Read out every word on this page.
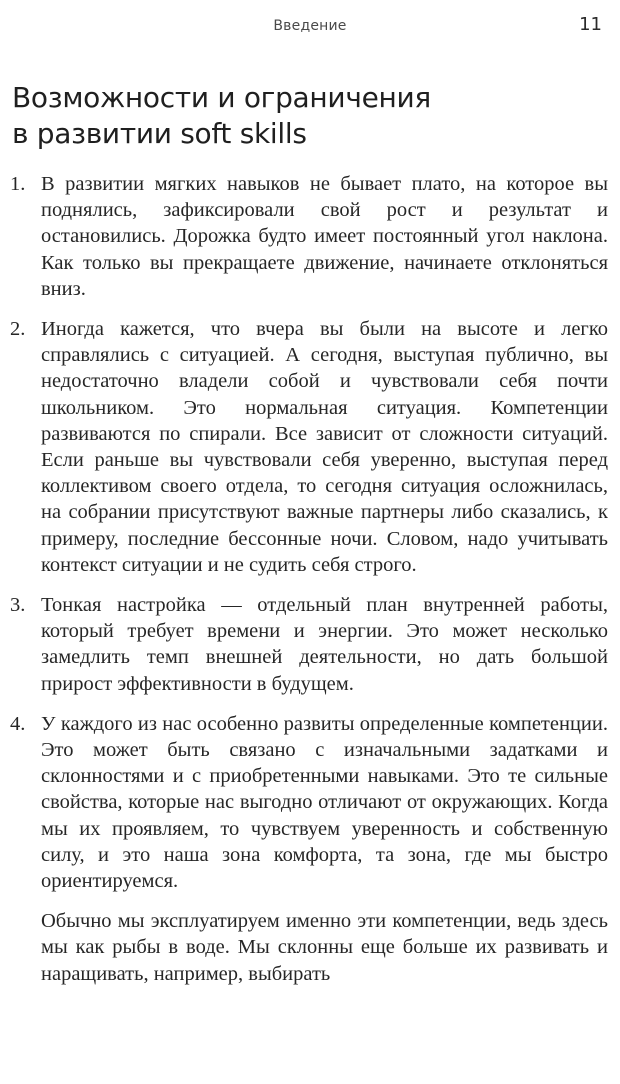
Введение	11
Возможности и ограничения
в развитии soft skills
1. В развитии мягких навыков не бывает плато, на которое вы поднялись, зафиксировали свой рост и результат и остановились. Дорожка будто имеет постоянный угол наклона. Как только вы прекращаете движение, начинаете отклоняться вниз.
2. Иногда кажется, что вчера вы были на высоте и легко справлялись с ситуацией. А сегодня, выступая публично, вы недостаточно владели собой и чувствовали себя почти школьником. Это нормальная ситуация. Компетенции развиваются по спирали. Все зависит от сложности ситуаций. Если раньше вы чувствовали себя уверенно, выступая перед коллективом своего отдела, то сегодня ситуация осложнилась, на собрании присутствуют важные партнеры либо сказались, к примеру, последние бессонные ночи. Словом, надо учитывать контекст ситуации и не судить себя строго.
3. Тонкая настройка — отдельный план внутренней работы, который требует времени и энергии. Это может несколько замедлить темп внешней деятельности, но дать большой прирост эффективности в будущем.
4. У каждого из нас особенно развиты определенные компетенции. Это может быть связано с изначальными задатками и склонностями и с приобретенными навыками. Это те сильные свойства, которые нас выгодно отличают от окружающих. Когда мы их проявляем, то чувствуем уверенность и собственную силу, и это наша зона комфорта, та зона, где мы быстро ориентируемся.

Обычно мы эксплуатируем именно эти компетенции, ведь здесь мы как рыбы в воде. Мы склонны еще больше их развивать и наращивать, например, выбирать
